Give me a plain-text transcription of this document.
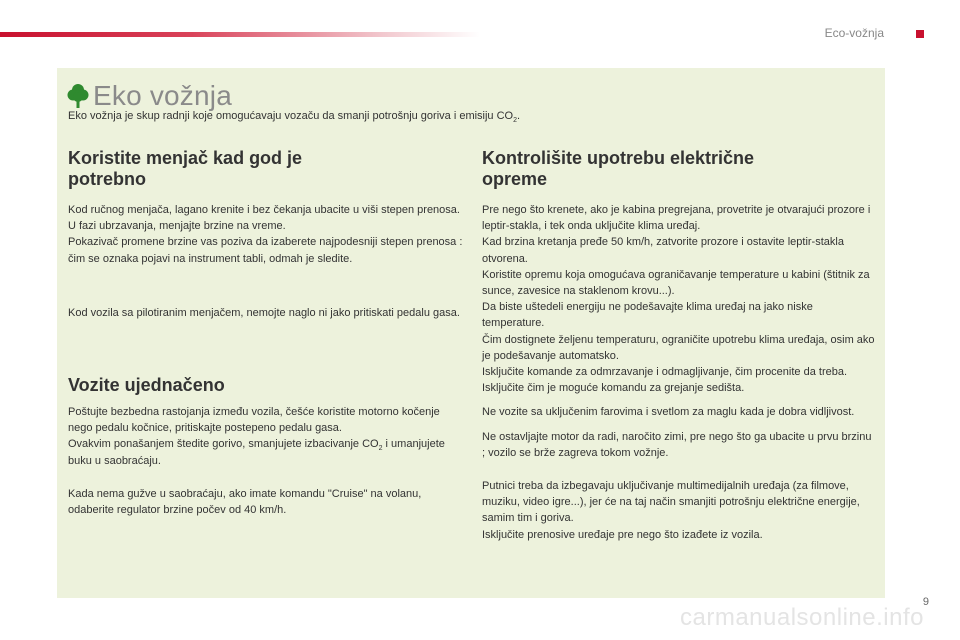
Eco-vožnja
Eko vožnja
Eko vožnja je skup radnji koje omogućavaju vozaču da smanji potrošnju goriva i emisiju $CO_2$.
Koristite menjač kad god je potrebno

Kod ručnog menjača, lagano krenite i bez čekanja ubacite u viši stepen prenosa. U fazi ubrzavanja, menjajte brzine na vreme.
Pokazivač promene brzine vas poziva da izaberete najpodesniji stepen prenosa : čim se oznaka pojavi na instrument tabli, odmah je sledite.

Kod vozila sa pilotiranim menjačem, nemojte naglo ni jako pritiskati pedalu gasa.

Vozite ujednačeno

Poštujte bezbedna rastojanja između vozila, češće koristite motorno kočenje nego pedalu kočnice, pritiskajte postepeno pedalu gasa.
Ovakvim ponašanjem štedite gorivo, smanjujete izbacivanje $CO_2$ i umanjujete buku u saobraćaju.

Kada nema gužve u saobraćaju, ako imate komandu "Cruise" na volanu, odaberite regulator brzine počev od 40 km/h.

Kontrolišite upotrebu električne opreme

Pre nego što krenete, ako je kabina pregrejana, provetrite je otvarajući prozore i leptir-stakla, i tek onda uključite klima uređaj.
Kad brzina kretanja pređe 50 km/h, zatvorite prozore i ostavite leptir-stakla otvorena.
Koristite opremu koja omogućava ograničavanje temperature u kabini (štitnik za sunce, zavesice na staklenom krovu...).
Da biste uštedeli energiju ne podešavajte klima uređaj na jako niske temperature.
Čim dostignete željenu temperaturu, ograničite upotrebu klima uređaja, osim ako je podešavanje automatsko.
Isključite komande za odmrzavanje i odmagljivanje, čim procenite da treba.
Isključite čim je moguće komandu za grejanje sedišta.

Ne vozite sa uključenim farovima i svetlom za maglu kada je dobra vidljivost.

Ne ostavljajte motor da radi, naročito zimi, pre nego što ga ubacite u prvu brzinu ; vozilo se brže zagreva tokom vožnje.

Putnici treba da izbegavaju uključivanje multimedijalnih uređaja (za filmove, muziku, video igre...), jer će na taj način smanjiti potrošnju električne energije, samim tim i goriva.
Isključite prenosive uređaje pre nego što izađete iz vozila.

9
carmanualsonline.info
